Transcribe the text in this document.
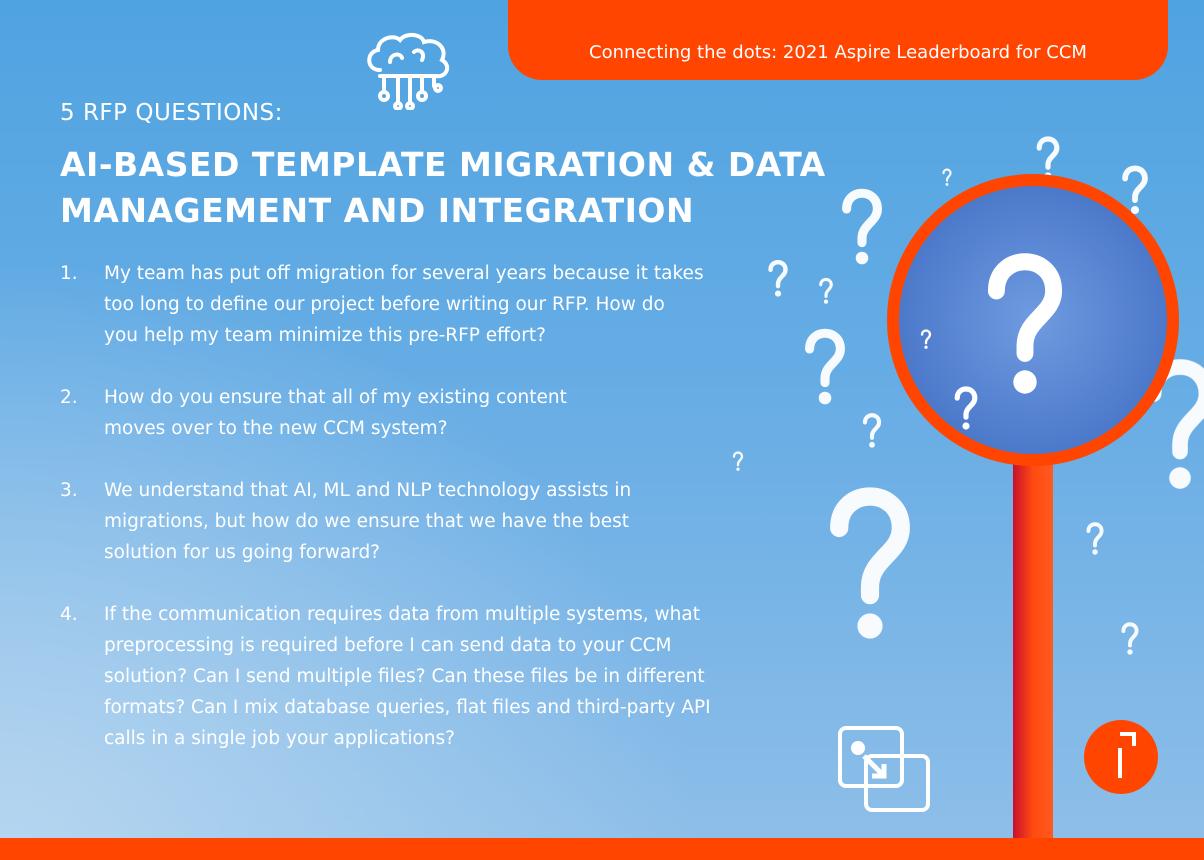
Connecting the dots: 2021 Aspire Leaderboard for CCM
5 RFP QUESTIONS:
AI-BASED TEMPLATE MIGRATION & DATA MANAGEMENT AND INTEGRATION
1.	My team has put off migration for several years because it takes too long to define our project before writing our RFP. How do you help my team minimize this pre-RFP effort?
2.	How do you ensure that all of my existing content moves over to the new CCM system?
3.	We understand that AI, ML and NLP technology assists in migrations, but how do we ensure that we have the best solution for us going forward?
4.	If the communication requires data from multiple systems, what preprocessing is required before I can send data to your CCM solution? Can I send multiple files? Can these files be in different formats? Can I mix database queries, flat files and third-party API calls in a single job your applications?
